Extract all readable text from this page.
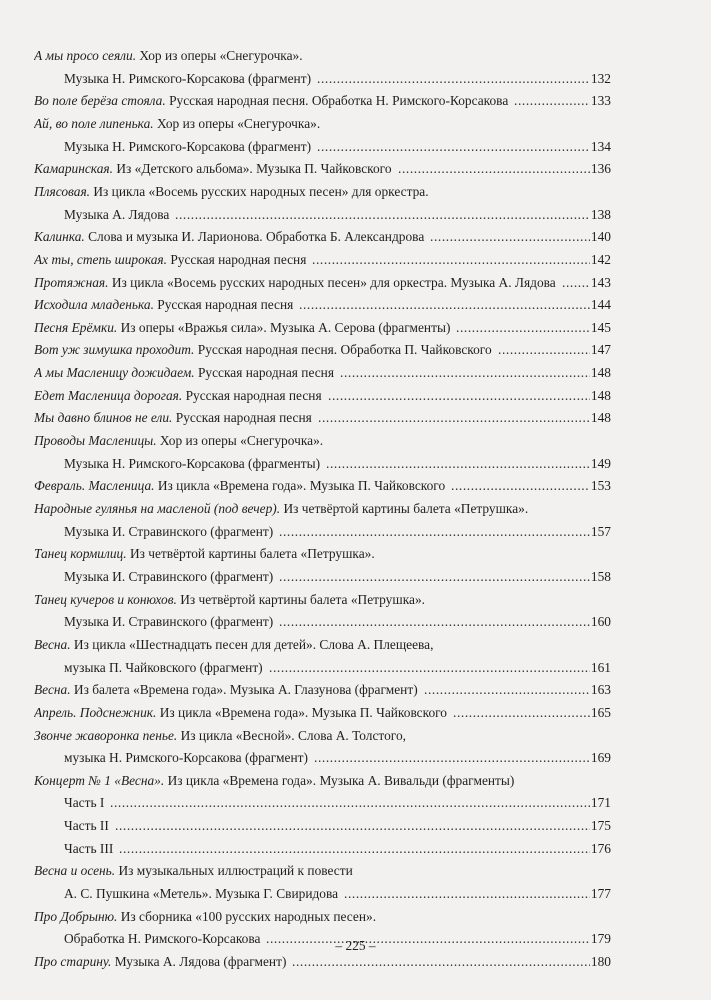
А мы просо сеяли. Хор из оперы «Снегурочка».
Музыка Н. Римского-Корсакова (фрагмент) .....	132
Во поле берёза стояла. Русская народная песня. Обработка Н. Римского-Корсакова .....	133
Ай, во поле липенька. Хор из оперы «Снегурочка».
Музыка Н. Римского-Корсакова (фрагмент) .....	134
Камаринская. Из «Детского альбома». Музыка П. Чайковского .....	136
Плясовая. Из цикла «Восемь русских народных песен» для оркестра.
Музыка А. Лядова .....	138
Калинка. Слова и музыка И. Ларионова. Обработка Б. Александрова .....	140
Ах ты, степь широкая. Русская народная песня .....	142
Протяжная. Из цикла «Восемь русских народных песен» для оркестра. Музыка А. Лядова .....	143
Исходила младенька. Русская народная песня .....	144
Песня Ерёмки. Из оперы «Вражья сила». Музыка А. Серова (фрагменты) .....	145
Вот уж зимушка проходит. Русская народная песня. Обработка П. Чайковского .....	147
А мы Масленицу дожидаем. Русская народная песня .....	148
Едет Масленица дорогая. Русская народная песня .....	148
Мы давно блинов не ели. Русская народная песня .....	148
Проводы Масленицы. Хор из оперы «Снегурочка».
Музыка Н. Римского-Корсакова (фрагменты) .....	149
Февраль. Масленица. Из цикла «Времена года». Музыка П. Чайковского .....	153
Народные гулянья на масленой (под вечер). Из четвёртой картины балета «Петрушка».
Музыка И. Стравинского (фрагмент) .....	157
Танец кормилиц. Из четвёртой картины балета «Петрушка».
Музыка И. Стравинского (фрагмент) .....	158
Танец кучеров и конюхов. Из четвёртой картины балета «Петрушка».
Музыка И. Стравинского (фрагмент) .....	160
Весна. Из цикла «Шестнадцать песен для детей». Слова А. Плещеева,
музыка П. Чайковского (фрагмент) .....	161
Весна. Из балета «Времена года». Музыка А. Глазунова (фрагмент) .....	163
Апрель. Подснежник. Из цикла «Времена года». Музыка П. Чайковского .....	165
Звонче жаворонка пенье. Из цикла «Весной». Слова А. Толстого,
музыка Н. Римского-Корсакова (фрагмент) .....	169
Концерт № 1 «Весна». Из цикла «Времена года». Музыка А. Вивальди (фрагменты)
Часть I .....	171
Часть II .....	175
Часть III .....	176
Весна и осень. Из музыкальных иллюстраций к повести
А. С. Пушкина «Метель». Музыка Г. Свиридова .....	177
Про Добрыню. Из сборника «100 русских народных песен».
Обработка Н. Римского-Корсакова .....	179
Про старину. Музыка А. Лядова (фрагмент) .....	180
– 225 –
